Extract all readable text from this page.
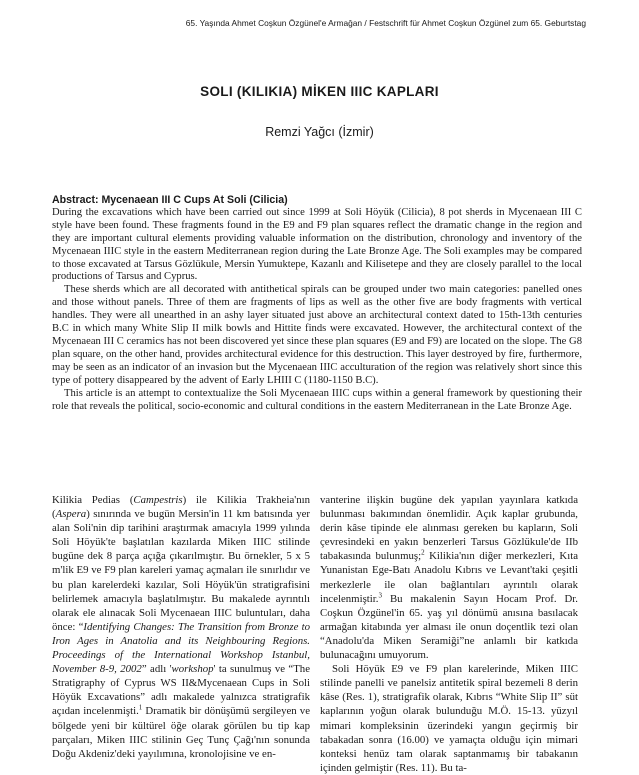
65. Yaşında Ahmet Coşkun Özgünel'e Armağan / Festschrift für Ahmet Coşkun Özgünel zum 65. Geburtstag
SOLI (KILIKIA) MİKEN IIIC KAPLARI
Remzi Yağcı (İzmir)
Abstract: Mycenaean III C Cups At Soli (Cilicia)

During the excavations which have been carried out since 1999 at Soli Höyük (Cilicia), 8 pot sherds in Mycenaean III C style have been found. These fragments found in the E9 and F9 plan squares reflect the dramatic change in the region and they are important cultural elements providing valuable information on the distribution, chronology and inventory of the Mycenaean IIIC style in the eastern Mediterranean region during the Late Bronze Age. The Soli examples may be compared to those excavated at Tarsus Gözlükule, Mersin Yumuktepe, Kazanlı and Kilisetepe and they are closely parallel to the local productions of Tarsus and Cyprus.

These sherds which are all decorated with antithetical spirals can be grouped under two main categories: panelled ones and those without panels. Three of them are fragments of lips as well as the other five are body fragments with vertical handles. They were all unearthed in an ashy layer situated just above an architectural context dated to 15th-13th centuries B.C in which many White Slip II milk bowls and Hittite finds were excavated. However, the architectural context of the Mycenaean III C ceramics has not been discovered yet since these plan squares (E9 and F9) are located on the slope. The G8 plan square, on the other hand, provides architectural evidence for this destruction. This layer destroyed by fire, furthermore, may be seen as an indicator of an invasion but the Mycenaean IIIC acculturation of the region was relatively short since this type of pottery disappeared by the advent of Early LHIII C (1180-1150 B.C).

This article is an attempt to contextualize the Soli Mycenaean IIIC cups within a general framework by questioning their role that reveals the political, socio-economic and cultural conditions in the eastern Mediterranean in the Late Bronze Age.

Kilikia Pedias (Campestris) ile Kilikia Trakheia'nın (Aspera) sınırında ve bugün Mersin'in 11 km batısında yer alan Soli'nin dip tarihini araştırmak amacıyla 1999 yılında Soli Höyük'te başlatılan kazılarda Miken IIIC stilinde bugüne dek 8 parça açığa çıkarılmıştır. Bu örnekler, 5 x 5 m'lik E9 ve F9 plan kareleri yamaç açmaları ile sınırlıdır ve bu plan karelerdeki kazılar, Soli Höyük'ün stratigrafisini belirlemek amacıyla başlatılmıştır. Bu makalede ayrıntılı olarak ele alınacak Soli Mycenaean IIIC buluntuları, daha önce: “Identifying Changes: The Transition from Bronze to Iron Ages in Anatolia and its Neighbouring Regions. Proceedings of the International Workshop Istanbul, November 8-9, 2002” adlı 'workshop' ta sunulmuş ve “The Stratigraphy of Cyprus WS II&Mycenaean Cups in Soli Höyük Excavations” adlı makalede yalnızca stratigrafik açıdan incelenmişti.$^1$ Dramatik bir dönüşümü sergileyen ve bölgede yeni bir kültürel öğe olarak görülen bu tip kap parçaları, Miken IIIC stilinin Geç Tunç Çağı'nın sonunda Doğu Akdeniz'deki yayılımına, kronolojisine ve en-

vanterine ilişkin bugüne dek yapılan yayınlara katkıda bulunması bakımından önemlidir. Açık kaplar grubunda, derin kâse tipinde ele alınması gereken bu kapların, Soli çevresindeki en yakın benzerleri Tarsus Gözlükule'de IIb tabakasında bulunmuş;$^2$ Kilikia'nın diğer merkezleri, Kıta Yunanistan Ege-Batı Anadolu Kıbrıs ve Levant'taki çeşitli merkezlerle ile olan bağlantıları ayrıntılı olarak incelenmiştir.$^3$ Bu makalenin Sayın Hocam Prof. Dr. Coşkun Özgünel'in 65. yaş yıl dönümü anısına basılacak armağan kitabında yer alması ile onun doçentlik tezi olan “Anadolu'da Miken Seramiği”ne anlamlı bir katkıda bulunacağını umuyorum.

Soli Höyük E9 ve F9 plan karelerinde, Miken IIIC stilinde panelli ve panelsiz antitetik spiral bezemeli 8 derin kâse (Res. 1), stratigrafik olarak, Kıbrıs “White Slip II” süt kaplarının yoğun olarak bulunduğu M.Ö. 15-13. yüzyıl mimari kompleksinin üzerindeki yangın geçirmiş bir tabakadan sonra (16.00) ve yamaçta olduğu için mimari konteksi henüz tam olarak saptanmamış bir tabakanın içinden gelmiştir (Res. 11). Bu ta-
